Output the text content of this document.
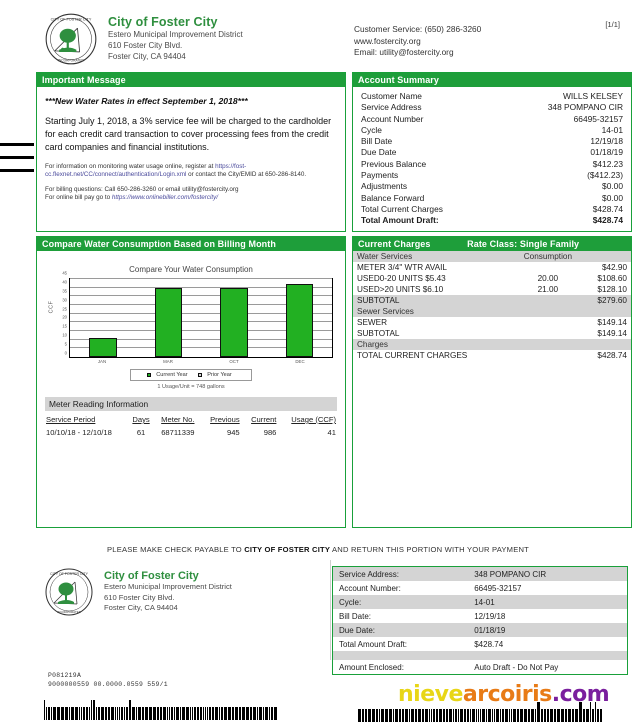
CITY OF FOSTER CITY
INCORPORATED
City of Foster City
Estero Municipal Improvement District
610 Foster City Blvd.
Foster City, CA 94404
Customer Service: (650) 286-3260
www.fostercity.org
Email: utility@fostercity.org
[1/1]
Important Message
***New Water Rates in effect September 1, 2018***
Starting July 1, 2018, a 3% service fee will be charged to the cardholder for each credit card transaction to cover processing fees from the credit card companies and financial institutions.
For information on monitoring water usage online, register at https://fost-cc.flexnet.net/CC/connect/authentication/Login.xml or contact the City/EMID at 650-286-8140.
For billing questions: Call 650-286-3260 or email utility@fostercity.org
For online bill pay go to https://www.onlinebiller.com/fostercity/
Account Summary
Customer Name	WILLS KELSEY
Service Address	348 POMPANO CIR
Account Number	66495-32157
Cycle	14-01
Bill Date	12/19/18
Due Date	01/18/19
Previous Balance	$412.23
Payments	($412.23)
Adjustments	$0.00
Balance Forward	$0.00
Total Current Charges	$428.74
Total Amount Draft:	$428.74
Compare Water Consumption Based on Billing Month
Compare Your Water Consumption
CCF
0
5
10
15
20
25
30
35
40
45
JAN	MAR	OCT	DEC
Current Year	Prior Year
1 Usage/Unit = 748 gallons
Meter Reading Information
Service Period	Days	Meter No.	Previous	Current	Usage (CCF)
10/10/18 - 12/10/18	61	68711339	945	986	41
Current Charges	Rate Class: Single Family
Water Services	Consumption	
METER 3/4" WTR AVAIL		$42.90
USED0-20 UNITS $5.43	20.00	$108.60
USED>20 UNITS $6.10	21.00	$128.10
SUBTOTAL		$279.60
Sewer Services		
SEWER		$149.14
SUBTOTAL		$149.14
Charges		
TOTAL CURRENT CHARGES		$428.74
PLEASE MAKE CHECK PAYABLE TO CITY OF FOSTER CITY AND RETURN THIS PORTION WITH YOUR PAYMENT
CITY OF FOSTER CITY
INCORPORATED
City of Foster City
Estero Municipal Improvement District
610 Foster City Blvd.
Foster City, CA 94404
Service Address:	348 POMPANO CIR
Account Number:	66495-32157
Cycle:	14-01
Bill Date:	12/19/18
Due Date:	01/18/19
Total Amount Draft:	$428.74

Amount Enclosed:	Auto Draft - Do Not Pay
P081219A
9000000559 00.0000.0559 559/1	nievearcoiris.com
